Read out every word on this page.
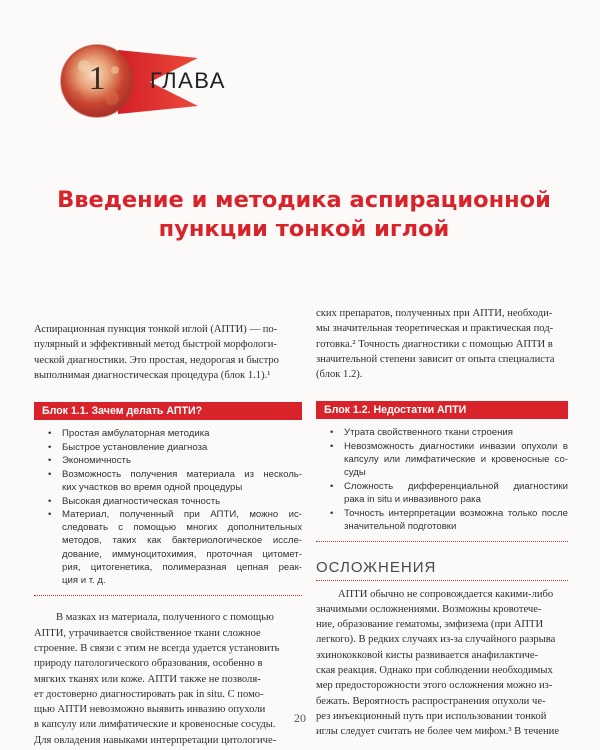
1 ГЛАВА
Введение и методика аспирационной
пункции тонкой иглой
Аспирационная пункция тонкой иглой (АПТИ) — по-
пулярный и эффективный метод быстрой морфологи-
ческой диагностики. Это простая, недорогая и быстро
выполнимая диагностическая процедура (блок 1.1).¹
Блок 1.1. Зачем делать АПТИ?
• Простая амбулаторная методика
• Быстрое установление диагноза
• Экономичность
• Возможность получения материала из несколь-
ких участков во время одной процедуры
• Высокая диагностическая точность
• Материал, полученный при АПТИ, можно ис-
следовать с помощью многих дополнительных
методов, таких как бактериологическое иссле-
дование, иммуноцитохимия, проточная цитомет-
рия, цитогенетика, полимеразная цепная реак-
ция и т. д.
В мазках из материала, полученного с помощью
АПТИ, утрачивается свойственное ткани сложное
строение. В связи с этим не всегда удается установить
природу патологического образования, особенно в
мягких тканях или коже. АПТИ также не позволя-
ет достоверно диагностировать рак in situ. С помо-
щью АПТИ невозможно выявить инвазию опухоли
в капсулу или лимфатические и кровеносные сосуды.
Для овладения навыками интерпретации цитологиче-
ских препаратов, полученных при АПТИ, необходи-
мы значительная теоретическая и практическая под-
готовка.² Точность диагностики с помощью АПТИ в
значительной степени зависит от опыта специалиста
(блок 1.2).
Блок 1.2. Недостатки АПТИ
• Утрата свойственного ткани строения
• Невозможность диагностики инвазии опухоли в
капсулу или лимфатические и кровеносные со-
суды
• Сложность дифференциальной диагностики
рака in situ и инвазивного рака
• Точность интерпретации возможна только после
значительной подготовки
ОСЛОЖНЕНИЯ
АПТИ обычно не сопровождается какими-либо
значимыми осложнениями. Возможны кровотече-
ние, образование гематомы, эмфизема (при АПТИ
легкого). В редких случаях из-за случайного разрыва
эхинококковой кисты развивается анафилактиче-
ская реакция. Однако при соблюдении необходимых
мер предосторожности этого осложнения можно из-
бежать. Вероятность распространения опухоли че-
рез инъекционный путь при использовании тонкой
иглы следует считать не более чем мифом.³ В течение
20
